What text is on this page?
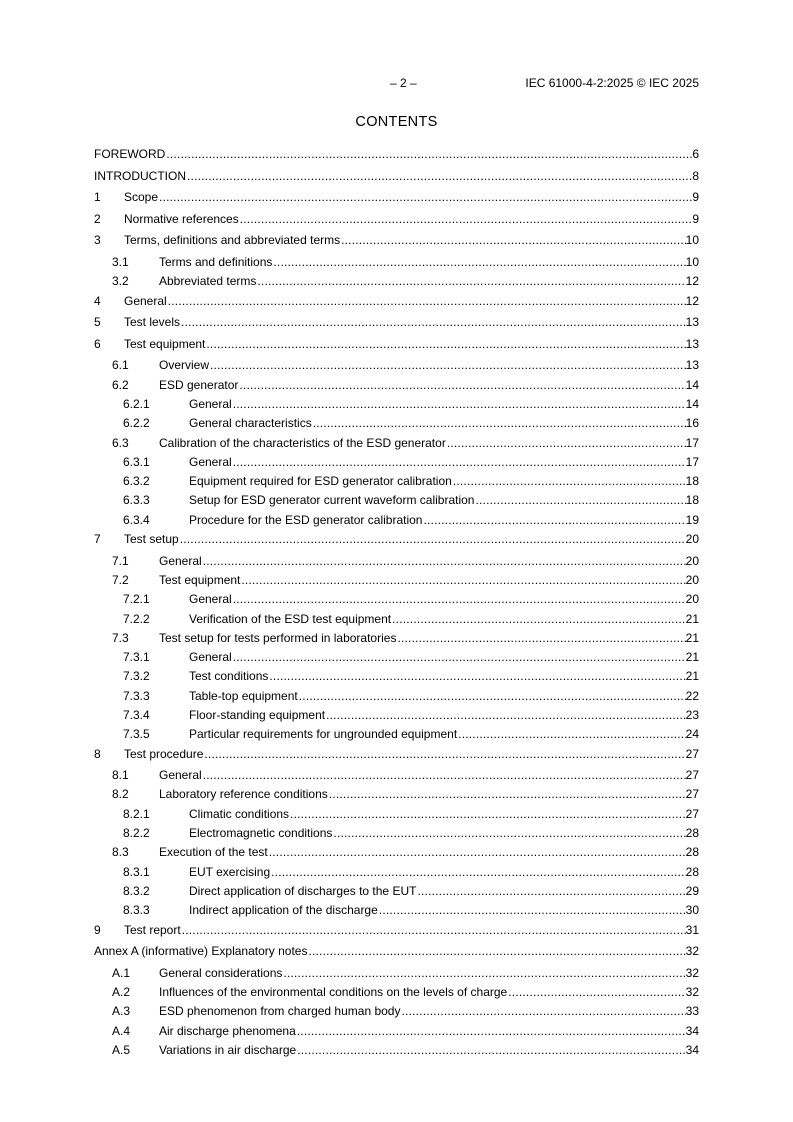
– 2 –	IEC 61000-4-2:2025 © IEC 2025
CONTENTS
FOREWORD .....	6
INTRODUCTION .....	8
1	Scope .....	9
2	Normative references .....	9
3	Terms, definitions and abbreviated terms .....	10
3.1	Terms and definitions .....	10
3.2	Abbreviated terms .....	12
4	General .....	12
5	Test levels .....	13
6	Test equipment .....	13
6.1	Overview .....	13
6.2	ESD generator .....	14
6.2.1	General .....	14
6.2.2	General characteristics .....	16
6.3	Calibration of the characteristics of the ESD generator .....	17
6.3.1	General .....	17
6.3.2	Equipment required for ESD generator calibration .....	18
6.3.3	Setup for ESD generator current waveform calibration .....	18
6.3.4	Procedure for the ESD generator calibration .....	19
7	Test setup .....	20
7.1	General .....	20
7.2	Test equipment .....	20
7.2.1	General .....	20
7.2.2	Verification of the ESD test equipment .....	21
7.3	Test setup for tests performed in laboratories .....	21
7.3.1	General .....	21
7.3.2	Test conditions .....	21
7.3.3	Table-top equipment .....	22
7.3.4	Floor-standing equipment .....	23
7.3.5	Particular requirements for ungrounded equipment .....	24
8	Test procedure .....	27
8.1	General .....	27
8.2	Laboratory reference conditions .....	27
8.2.1	Climatic conditions .....	27
8.2.2	Electromagnetic conditions .....	28
8.3	Execution of the test .....	28
8.3.1	EUT exercising .....	28
8.3.2	Direct application of discharges to the EUT .....	29
8.3.3	Indirect application of the discharge .....	30
9	Test report .....	31
Annex A (informative) Explanatory notes .....	32
A.1	General considerations .....	32
A.2	Influences of the environmental conditions on the levels of charge .....	32
A.3	ESD phenomenon from charged human body .....	33
A.4	Air discharge phenomena .....	34
A.5	Variations in air discharge .....	34
